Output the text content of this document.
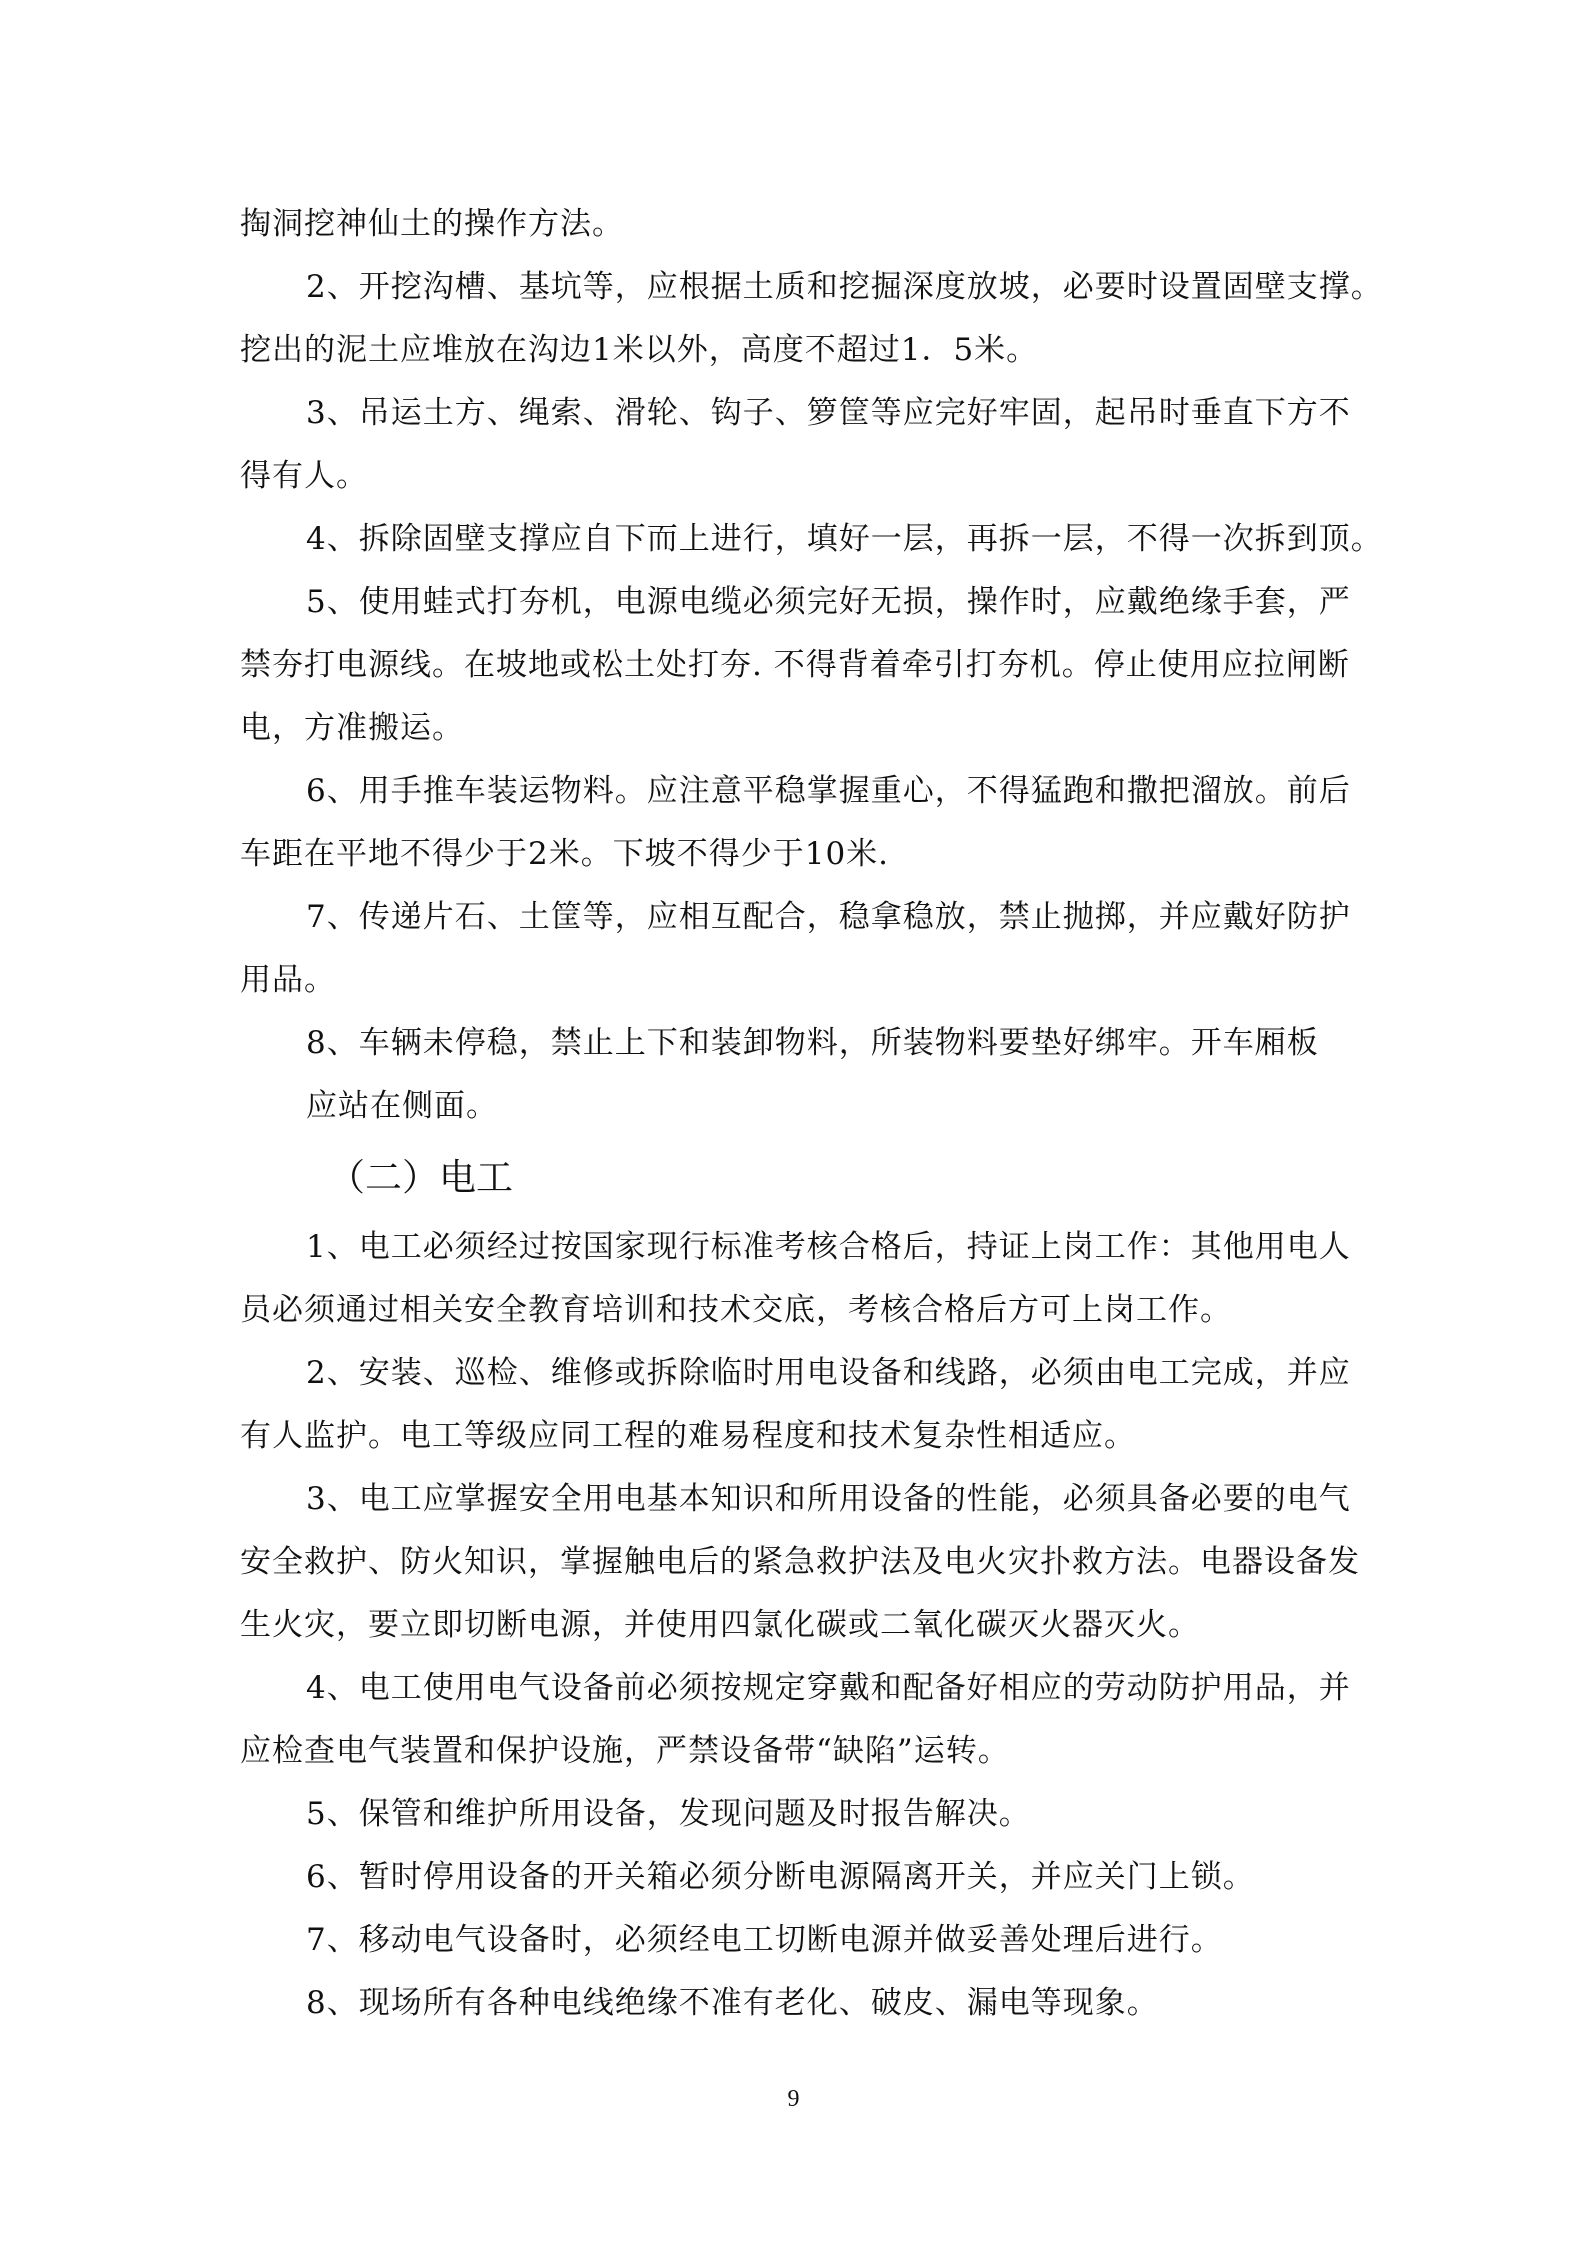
掏洞挖神仙土的操作方法。
2、开挖沟槽、基坑等，应根据土质和挖掘深度放坡，必要时设置固壁支撑。
挖出的泥土应堆放在沟边1米以外，高度不超过1．5米。
3、吊运土方、绳索、滑轮、钩子、箩筐等应完好牢固，起吊时垂直下方不
得有人。
4、拆除固壁支撑应自下而上进行，填好一层，再拆一层，不得一次拆到顶。
5、使用蛙式打夯机，电源电缆必须完好无损，操作时，应戴绝缘手套，严
禁夯打电源线。在坡地或松土处打夯. 不得背着牵引打夯机。停止使用应拉闸断
电，方准搬运。
6、用手推车装运物料。应注意平稳掌握重心，不得猛跑和撒把溜放。前后
车距在平地不得少于2米。下坡不得少于10米.
7、传递片石、土筐等，应相互配合，稳拿稳放，禁止抛掷，并应戴好防护
用品。
8、车辆未停稳，禁止上下和装卸物料，所装物料要垫好绑牢。开车厢板
应站在侧面。
（二）电工
1、电工必须经过按国家现行标准考核合格后，持证上岗工作：其他用电人
员必须通过相关安全教育培训和技术交底，考核合格后方可上岗工作。
2、安装、巡检、维修或拆除临时用电设备和线路，必须由电工完成，并应
有人监护。电工等级应同工程的难易程度和技术复杂性相适应。
3、电工应掌握安全用电基本知识和所用设备的性能，必须具备必要的电气
安全救护、防火知识，掌握触电后的紧急救护法及电火灾扑救方法。电器设备发
生火灾，要立即切断电源，并使用四氯化碳或二氧化碳灭火器灭火。
4、电工使用电气设备前必须按规定穿戴和配备好相应的劳动防护用品，并
应检查电气装置和保护设施，严禁设备带“缺陷”运转。
5、保管和维护所用设备，发现问题及时报告解决。
6、暂时停用设备的开关箱必须分断电源隔离开关，并应关门上锁。
7、移动电气设备时，必须经电工切断电源并做妥善处理后进行。
8、现场所有各种电线绝缘不准有老化、破皮、漏电等现象。
9
